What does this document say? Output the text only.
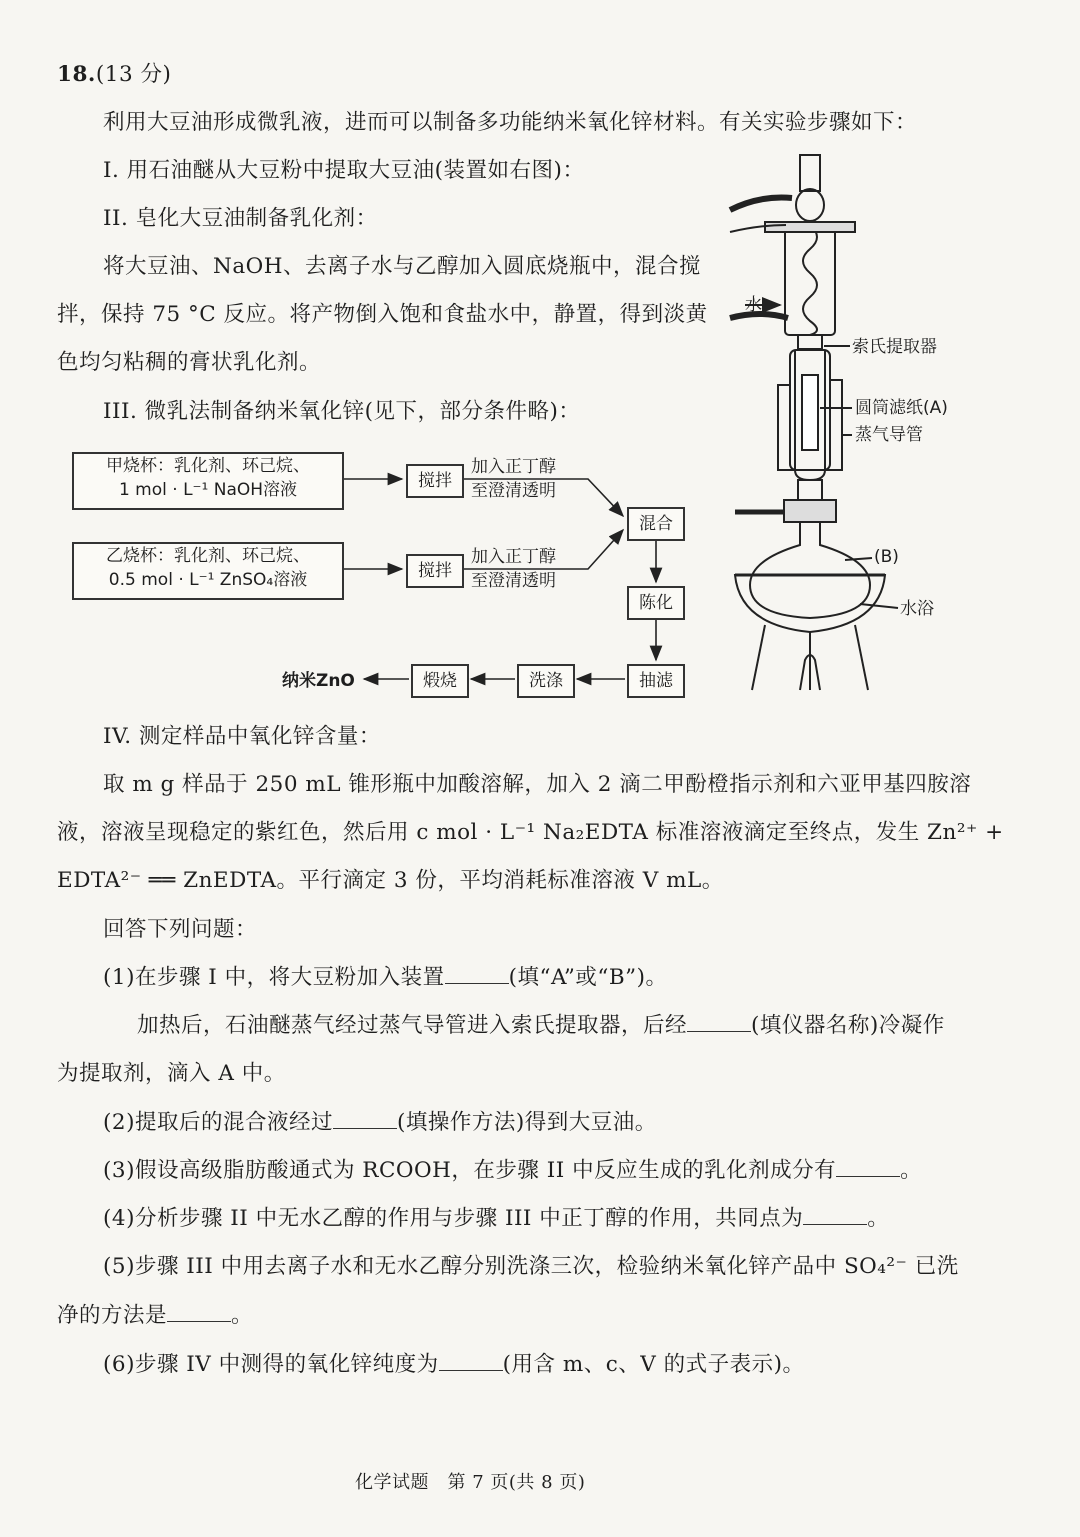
18.(13 分)
利用大豆油形成微乳液，进而可以制备多功能纳米氧化锌材料。有关实验步骤如下：
I. 用石油醚从大豆粉中提取大豆油(装置如右图)：
II. 皂化大豆油制备乳化剂：
将大豆油、NaOH、去离子水与乙醇加入圆底烧瓶中，混合搅
拌，保持 75 °C 反应。将产物倒入饱和食盐水中，静置，得到淡黄
色均匀粘稠的膏状乳化剂。
III. 微乳法制备纳米氧化锌(见下，部分条件略)：
甲烧杯：乳化剂、环己烷、
1 mol · L⁻¹ NaOH溶液
乙烧杯：乳化剂、环己烷、
0.5 mol · L⁻¹ ZnSO₄溶液
搅拌
搅拌
加入正丁醇
至澄清透明
加入正丁醇
至澄清透明
混合
陈化
抽滤
洗涤
煅烧
纳米ZnO
水
索氏提取器
圆筒滤纸(A)
蒸气导管
(B)
水浴
IV. 测定样品中氧化锌含量：
取 m g 样品于 250 mL 锥形瓶中加酸溶解，加入 2 滴二甲酚橙指示剂和六亚甲基四胺溶
液，溶液呈现稳定的紫红色，然后用 c mol · L⁻¹ Na₂EDTA 标准溶液滴定至终点，发生 Zn²⁺ +
EDTA²⁻ ══ ZnEDTA。平行滴定 3 份，平均消耗标准溶液 V mL。
回答下列问题：
(1)在步骤 I 中，将大豆粉加入装置	(填“A”或“B”)。
加热后，石油醚蒸气经过蒸气导管进入索氏提取器，后经	(填仪器名称)冷凝作
为提取剂，滴入 A 中。
(2)提取后的混合液经过	(填操作方法)得到大豆油。
(3)假设高级脂肪酸通式为 RCOOH，在步骤 II 中反应生成的乳化剂成分有	。
(4)分析步骤 II 中无水乙醇的作用与步骤 III 中正丁醇的作用，共同点为	。
(5)步骤 III 中用去离子水和无水乙醇分别洗涤三次，检验纳米氧化锌产品中 SO₄²⁻ 已洗
净的方法是	。
(6)步骤 IV 中测得的氧化锌纯度为	(用含 m、c、V 的式子表示)。
化学试题　第 7 页(共 8 页)
